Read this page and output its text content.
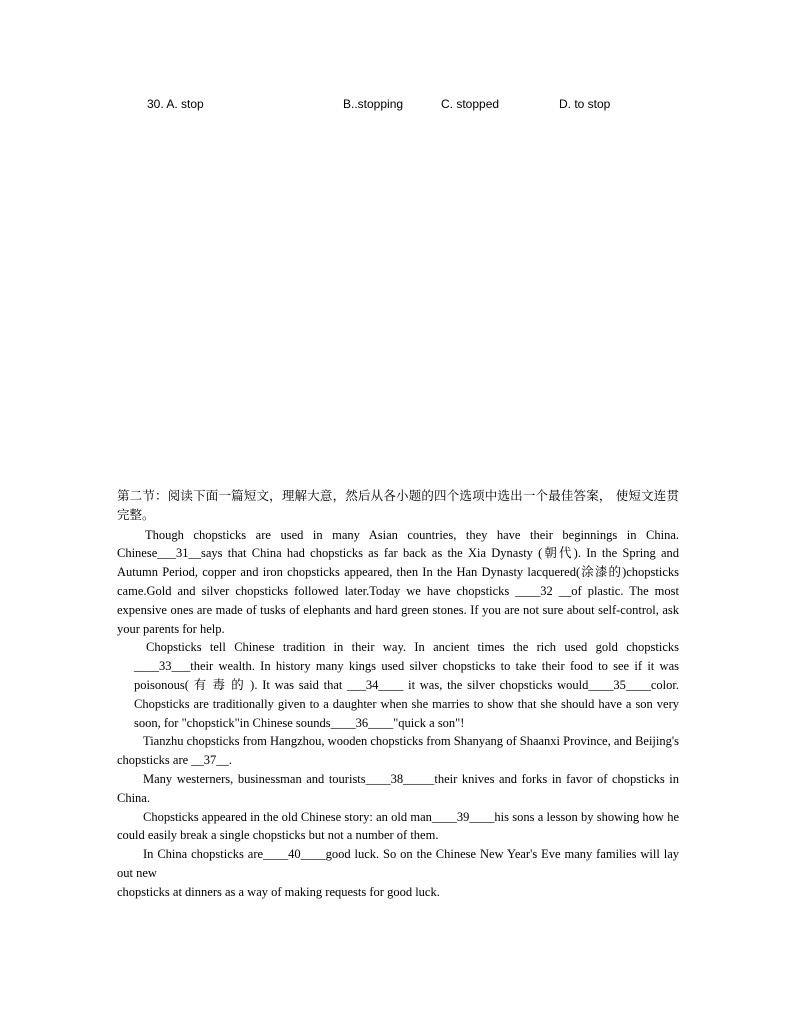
30. A. stop	B..stopping	C. stopped	D. to stop

第二节：阅读下面一篇短文，理解大意，然后从各小题的四个选项中选出一个最佳答案， 使短文连贯完整。

Though chopsticks are used in many Asian countries, they have their beginnings in China. Chinese___31__says that China had chopsticks as far back as the Xia Dynasty (朝代). In the Spring and Autumn Period, copper and iron chopsticks appeared, then In the Han Dynasty lacquered(涂漆的)chopsticks came.Gold and silver chopsticks followed later.Today we have chopsticks ____32 __of plastic. The most expensive ones are made of tusks of elephants and hard green stones. If you are not sure about self-control, ask your parents for help.

Chopsticks tell Chinese tradition in their way. In ancient times the rich used gold chopsticks ____33___their wealth. In history many kings used silver chopsticks to take their food to see if it was poisonous( 有 毒 的 ). It was said that ___34____ it was, the silver chopsticks would____35____color. Chopsticks are traditionally given to a daughter when she marries to show that she should have a son very soon, for "chopstick"in Chinese sounds____36____"quick a son"!

Tianzhu chopsticks from Hangzhou, wooden chopsticks from Shanyang of Shaanxi Province, and Beijing's chopsticks are __37__.

Many westerners, businessman and tourists____38_____their knives and forks in favor of chopsticks in China.

Chopsticks appeared in the old Chinese story: an old man____39____his sons a lesson by showing how he could easily break a single chopsticks but not a number of them.

In China chopsticks are____40____good luck. So on the Chinese New Year's Eve many families will lay out new

chopsticks at dinners as a way of making requests for good luck.
